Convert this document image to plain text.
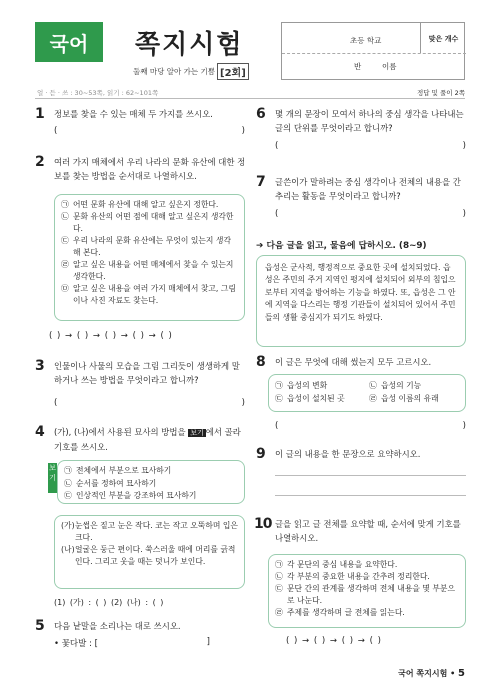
국어	쪽지시험
둘째 마당 알아 가는 기쁨 [2회]
초등 학교	맞은 개수
반	이름
얼 · 듣 · 쓰 : 30~53쪽, 읽기 : 62~101쪽	정답 및 풀이 2쪽
1 정보를 찾을 수 있는 매체 두 가지를 쓰시오.
(	)
2 여러 가지 매체에서 우리 나라의 문화 유산에 대한 정보를 찾는 방법을 순서대로 나열하시오.
㉠ 어떤 문화 유산에 대해 알고 싶은지 정한다.
㉡ 문화 유산의 어떤 점에 대해 알고 싶은지 생각한다.
㉢ 우리 나라의 문화 유산에는 무엇이 있는지 생각해 본다.
㉣ 알고 싶은 내용을 어떤 매체에서 찾을 수 있는지 생각한다.
㉤ 알고 싶은 내용을 여러 가지 매체에서 찾고, 그림이나 사진 자료도 찾는다.
( ) → ( ) → ( ) → ( ) → ( )
3 인물이나 사물의 모습을 그림 그리듯이 생생하게 말하거나 쓰는 방법을 무엇이라고 합니까?
(	)
4 (가), (나)에서 사용된 묘사의 방법을 보기 에서 골라 기호를 쓰시오.
보기
㉠ 전체에서 부분으로 묘사하기
㉡ 순서를 정하여 묘사하기
㉢ 인상적인 부분을 강조하여 묘사하기
(가) 눈썹은 짙고 눈은 작다. 코는 작고 오뚝하며 입은 크다.
(나) 얼굴은 둥근 편이다. 쑥스러울 때에 머리를 긁적인다. 그리고 웃을 때는 덧니가 보인다.
(1) (가) : ( ) (2) (나) : ( )
5 다음 낱말을 소리나는 대로 쓰시오.
• 꽃다발 : [	]
6 몇 개의 문장이 모여서 하나의 중심 생각을 나타내는 글의 단위를 무엇이라고 합니까?
(	)
7 글쓴이가 말하려는 중심 생각이나 전체의 내용을 간추리는 활동을 무엇이라고 합니까?
(	)
➔ 다음 글을 읽고, 물음에 답하시오. (8~9)
읍성은 군사적, 행정적으로 중요한 곳에 설치되었다. 읍성은 주민의 주거 지역인 평지에 설치되어 외부의 침입으로부터 지역을 방어하는 기능을 하였다. 또, 읍성은 그 안에 지역을 다스리는 행정 기관들이 설치되어 있어서 주민들의 생활 중심지가 되기도 하였다.
8 이 글은 무엇에 대해 썼는지 모두 고르시오.
㉠ 읍성의 변화	㉡ 읍성의 기능
㉢ 읍성이 설치된 곳	㉣ 읍성 이름의 유래
(	)
9 이 글의 내용을 한 문장으로 요약하시오.
10 글을 읽고 글 전체를 요약할 때, 순서에 맞게 기호를 나열하시오.
㉠ 각 문단의 중심 내용을 요약한다.
㉡ 각 부분의 중요한 내용을 간추려 정리한다.
㉢ 문단 간의 관계를 생각하며 전체 내용을 몇 부분으로 나눈다.
㉣ 주제를 생각하며 글 전체를 읽는다.
( ) → ( ) → ( ) → ( )
국어 쪽지시험 • 5
